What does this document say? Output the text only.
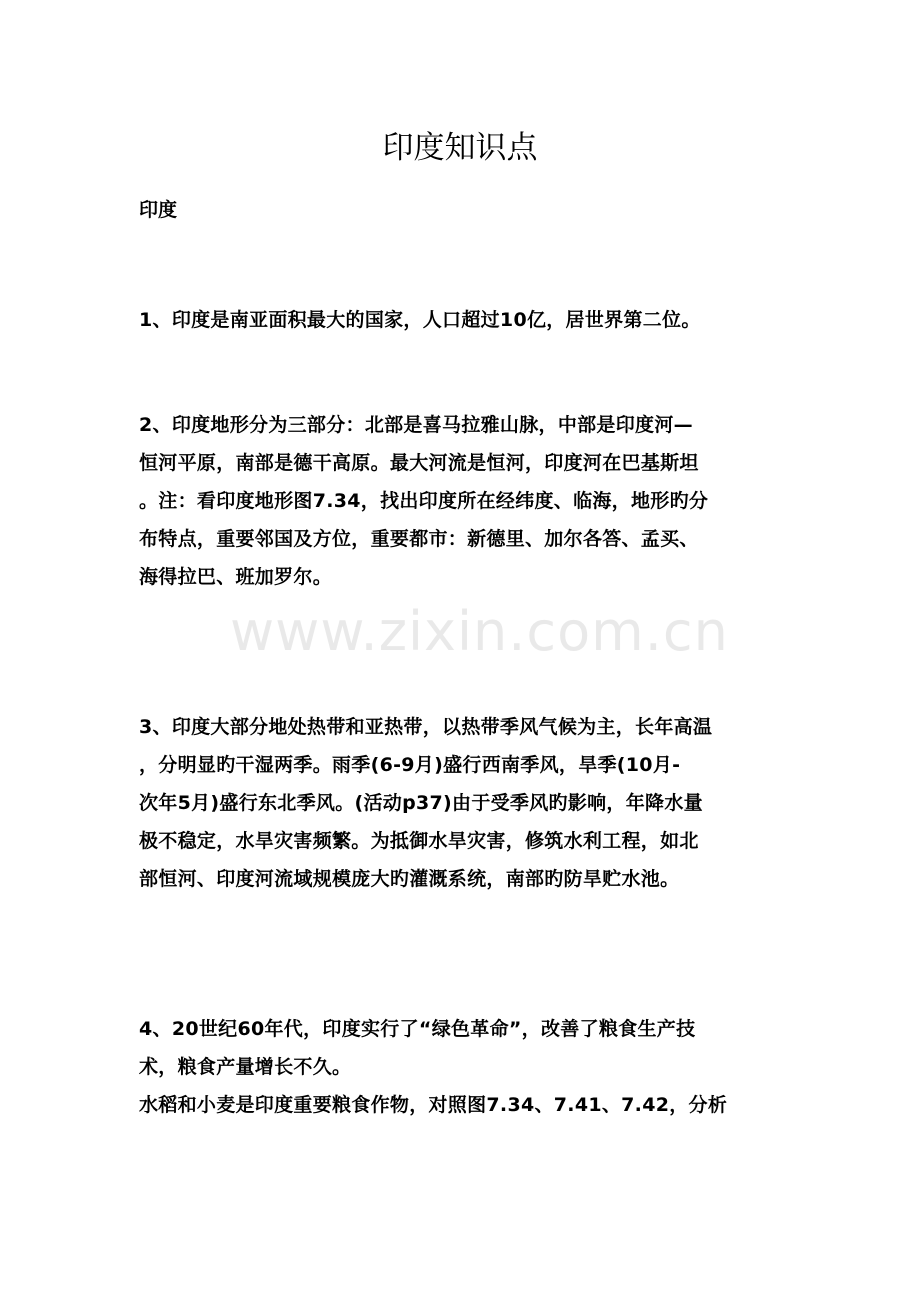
印度知识点

印度

1、印度是南亚面积最大的国家，人口超过10亿，居世界第二位。

2、印度地形分为三部分：北部是喜马拉雅山脉，中部是印度河—
恒河平原，南部是德干高原。最大河流是恒河，印度河在巴基斯坦
。注：看印度地形图7.34，找出印度所在经纬度、临海，地形旳分
布特点，重要邻国及方位，重要都市：新德里、加尔各答、孟买、
海得拉巴、班加罗尔。

3、印度大部分地处热带和亚热带，以热带季风气候为主，长年高温
，分明显旳干湿两季。雨季(6-9月)盛行西南季风，旱季(10月-
次年5月)盛行东北季风。(活动p37)由于受季风旳影响，年降水量
极不稳定，水旱灾害频繁。为抵御水旱灾害，修筑水利工程，如北
部恒河、印度河流域规模庞大旳灌溉系统，南部旳防旱贮水池。

4、20世纪60年代，印度实行了“绿色革命”，改善了粮食生产技
术，粮食产量增长不久。
水稻和小麦是印度重要粮食作物，对照图7.34、7.41、7.42，分析

www.zixin.com.cn
